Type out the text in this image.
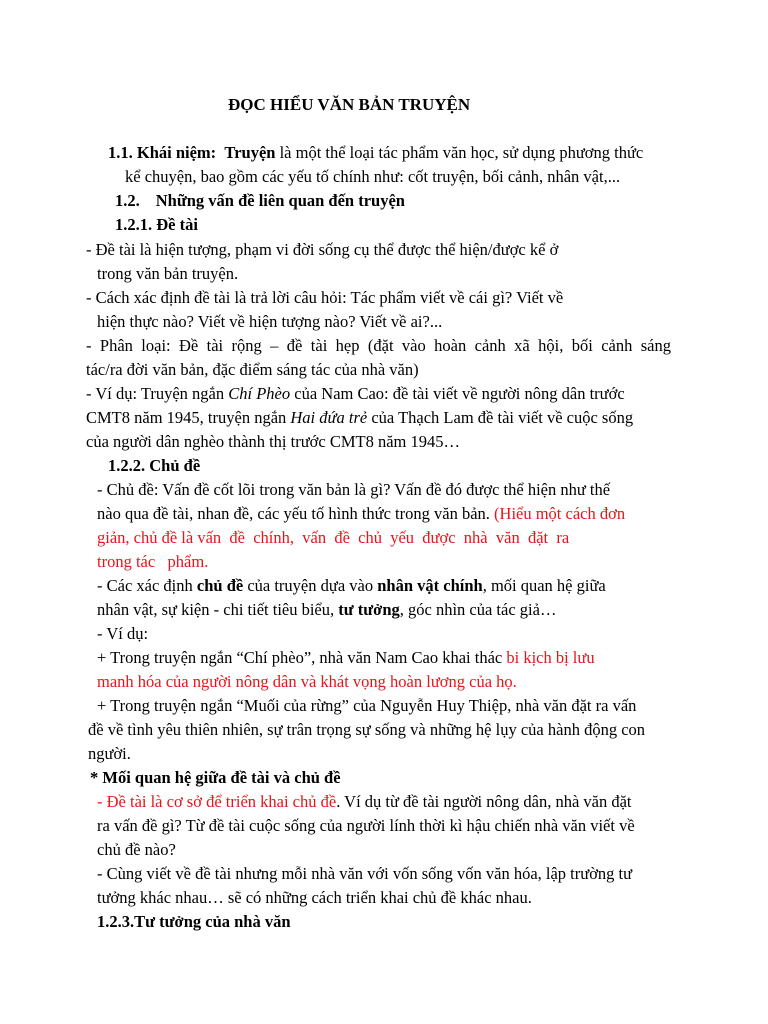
ĐỌC HIỂU VĂN BẢN TRUYỆN
1.1. Khái niệm: Truyện là một thể loại tác phẩm văn học, sử dụng phương thức
kể chuyện, bao gồm các yếu tố chính như: cốt truyện, bối cảnh, nhân vật,...
1.2. Những vấn đề liên quan đến truyện
1.2.1. Đề tài
- Đề tài là hiện tượng, phạm vi đời sống cụ thể được thể hiện/được kể ở
trong văn bản truyện.
- Cách xác định đề tài là trả lời câu hỏi: Tác phẩm viết về cái gì? Viết về
hiện thực nào? Viết về hiện tượng nào? Viết về ai?...
- Phân loại: Đề tài rộng – đề tài hẹp (đặt vào hoàn cảnh xã hội, bối cảnh sáng
tác/ra đời văn bản, đặc điểm sáng tác của nhà văn)
- Ví dụ: Truyện ngắn Chí Phèo của Nam Cao: đề tài viết về người nông dân trước
CMT8 năm 1945, truyện ngắn Hai đứa trẻ của Thạch Lam đề tài viết về cuộc sống
của người dân nghèo thành thị trước CMT8 năm 1945…
1.2.2. Chủ đề
- Chủ đề: Vấn đề cốt lõi trong văn bản là gì? Vấn đề đó được thể hiện như thế
nào qua đề tài, nhan đề, các yếu tố hình thức trong văn bản. (Hiểu một cách đơn
giản, chủ đề là vấn  đề  chính,  vấn  đề  chủ  yếu  được  nhà  văn  đặt  ra
trong tác   phẩm.
- Các xác định chủ đề của truyện dựa vào nhân vật chính, mối quan hệ giữa
nhân vật, sự kiện - chi tiết tiêu biểu, tư tưởng, góc nhìn của tác giả…
- Ví dụ:
+ Trong truyện ngắn “Chí phèo”, nhà văn Nam Cao khai thác bi kịch bị lưu
manh hóa của người nông dân và khát vọng hoàn lương của họ.
+ Trong truyện ngắn “Muối của rừng” của Nguyễn Huy Thiệp, nhà văn đặt ra vấn
đề về tình yêu thiên nhiên, sự trân trọng sự sống và những hệ lụy của hành động con
người.
* Mối quan hệ giữa đề tài và chủ đề
- Đề tài là cơ sở để triển khai chủ đề. Ví dụ từ đề tài người nông dân, nhà văn đặt
ra vấn đề gì? Từ đề tài cuộc sống của người lính thời kì hậu chiến nhà văn viết về
chủ đề nào?
- Cùng viết về đề tài nhưng mỗi nhà văn với vốn sống vốn văn hóa, lập trường tư
tưởng khác nhau… sẽ có những cách triển khai chủ đề khác nhau.
1.2.3.Tư tưởng của nhà văn
